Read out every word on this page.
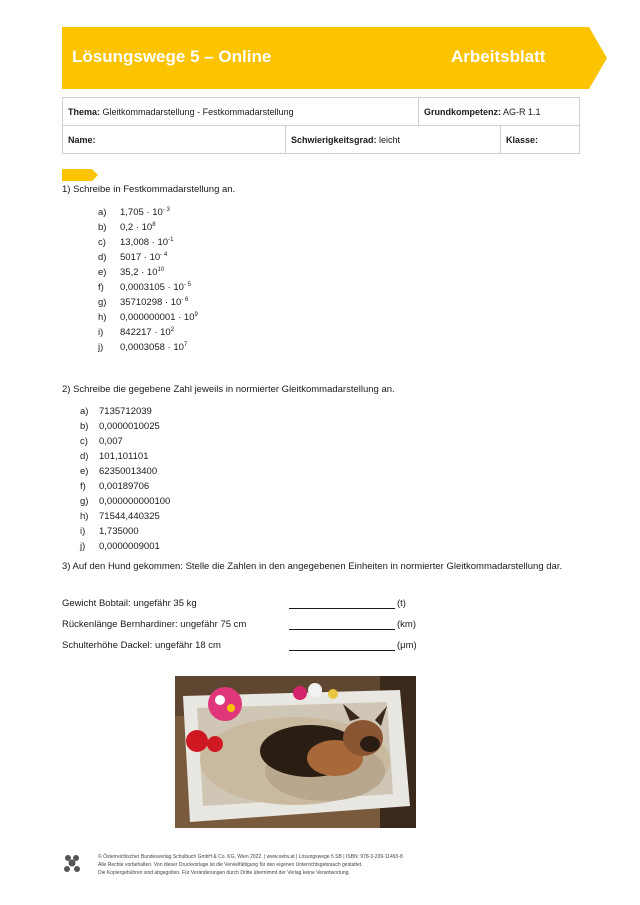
Lösungswege 5 – Online	Arbeitsblatt
Thema: Gleitkommadarstellung - Festkommadarstellung		Grundkompetenz: AG-R 1.1	
Name:	Schwierigkeitsgrad: leicht		Klasse:
1) Schreibe in Festkommadarstellung an.
a) $1,705 \cdot 10^{- 3}$
b) $0,2 \cdot 10^8$
c) $13,008 \cdot 10^{-1}$
d) $5017 \cdot 10^{- 4}$
e) $35,2 \cdot 10^{10}$
f) $0,0003105 \cdot 10^{- 5}$
g) $35710298 \cdot 10^{- 6}$
h) $0,000000001 \cdot 10^9$
i) $842217 \cdot 10^2$
j) $0,0003058 \cdot 10^7$
2) Schreibe die gegebene Zahl jeweils in normierter Gleitkommadarstellung an.
a) 7135712039
b) 0,0000010025
c) 0,007
d) 101,101101
e) 62350013400
f) 0,00189706
g) 0,000000000100
h) 71544,440325
i) 1,735000
j) 0,0000009001
3) Auf den Hund gekommen: Stelle die Zahlen in den angegebenen Einheiten in normierter Gleitkommadarstellung dar.
Gewicht Bobtail: ungefähr 35 kg	(t)
Rückenlänge Bernhardiner: ungefähr 75 cm	(km)
Schulterhöhe Dackel: ungefähr 18 cm	(μm)
© Österreichischer Bundesverlag Schulbuch GmbH & Co. KG, Wien 2022. | www.oebv.at | Lösungswege 5 SB | ISBN: 978-3-209-11493-8
Alle Rechte vorbehalten. Von dieser Druckvorlage ist die Vervielfältigung für den eigenen Unterrichtsgebrauch gestattet.
Die Kopiergebühren sind abgegolten. Für Veränderungen durch Dritte übernimmt der Verlag keine Verantwortung.
